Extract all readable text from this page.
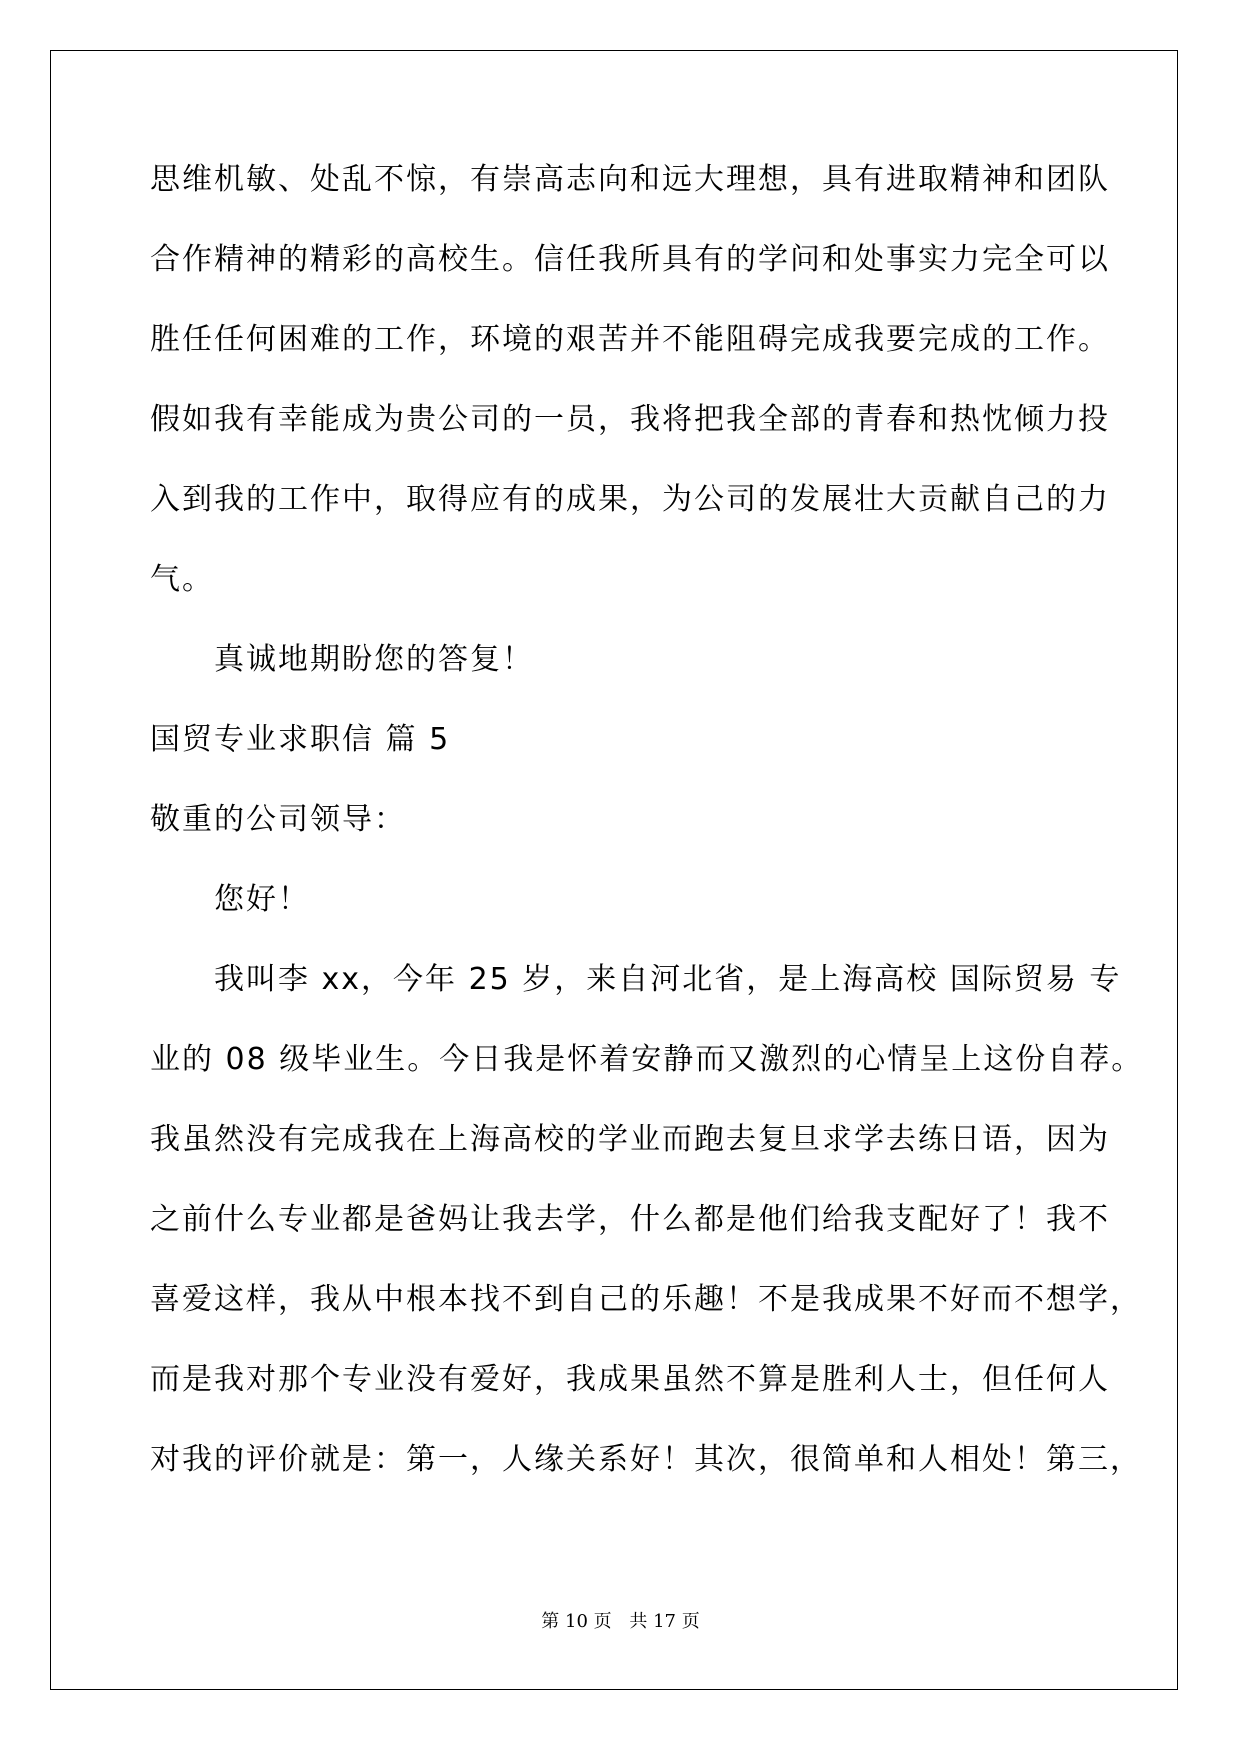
思维机敏、处乱不惊，有崇高志向和远大理想，具有进取精神和团队
合作精神的精彩的高校生。信任我所具有的学问和处事实力完全可以
胜任任何困难的工作，环境的艰苦并不能阻碍完成我要完成的工作。
假如我有幸能成为贵公司的一员，我将把我全部的青春和热忱倾力投
入到我的工作中，取得应有的成果，为公司的发展壮大贡献自己的力
气。
真诚地期盼您的答复！
国贸专业求职信 篇 5
敬重的公司领导：
您好！
我叫李 xx，今年 25 岁，来自河北省，是上海高校 国际贸易 专
业的 08 级毕业生。今日我是怀着安静而又激烈的心情呈上这份自荐。
我虽然没有完成我在上海高校的学业而跑去复旦求学去练日语，因为
之前什么专业都是爸妈让我去学，什么都是他们给我支配好了！我不
喜爱这样，我从中根本找不到自己的乐趣！不是我成果不好而不想学，
而是我对那个专业没有爱好，我成果虽然不算是胜利人士，但任何人
对我的评价就是：第一，人缘关系好！其次，很简单和人相处！第三，
第 10 页 共 17 页
